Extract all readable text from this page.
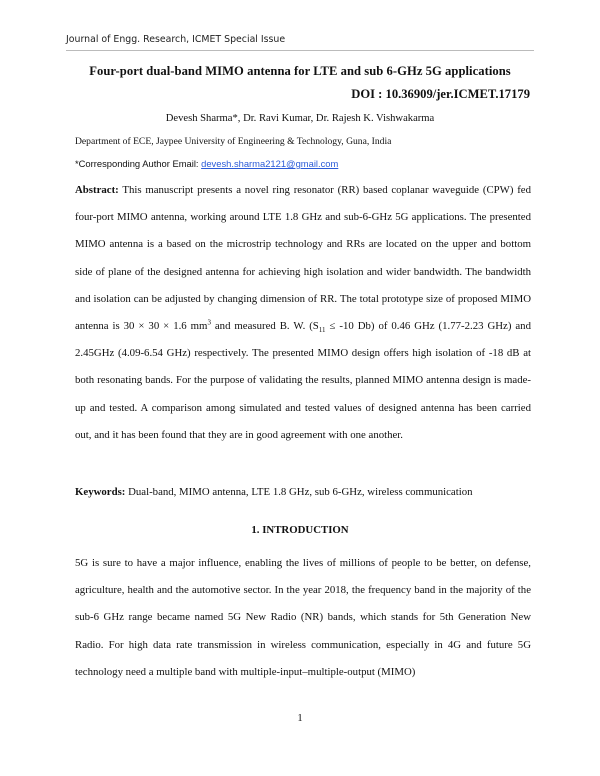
Journal of Engg. Research, ICMET Special Issue
Four-port dual-band MIMO antenna for LTE and sub 6-GHz 5G applications
DOI : 10.36909/jer.ICMET.17179
Devesh Sharma*, Dr. Ravi Kumar, Dr. Rajesh K. Vishwakarma
Department of ECE, Jaypee University of Engineering & Technology, Guna, India
*Corresponding Author Email: devesh.sharma2121@gmail.com
Abstract: This manuscript presents a novel ring resonator (RR) based coplanar waveguide (CPW) fed four-port MIMO antenna, working around LTE 1.8 GHz and sub-6-GHz 5G applications. The presented MIMO antenna is a based on the microstrip technology and RRs are located on the upper and bottom side of plane of the designed antenna for achieving high isolation and wider bandwidth. The bandwidth and isolation can be adjusted by changing dimension of RR. The total prototype size of proposed MIMO antenna is 30 × 30 × 1.6 $mm^3$ and measured B. W. ($S_{11} \le -10$ Db) of 0.46 GHz (1.77-2.23 GHz) and 2.45GHz (4.09-6.54 GHz) respectively. The presented MIMO design offers high isolation of -18 dB at both resonating bands. For the purpose of validating the results, planned MIMO antenna design is made-up and tested. A comparison among simulated and tested values of designed antenna has been carried out, and it has been found that they are in good agreement with one another.
Keywords: Dual-band, MIMO antenna, LTE 1.8 GHz, sub 6-GHz, wireless communication
1. INTRODUCTION
5G is sure to have a major influence, enabling the lives of millions of people to be better, on defense, agriculture, health and the automotive sector. In the year 2018, the frequency band in the majority of the sub-6 GHz range became named 5G New Radio (NR) bands, which stands for 5th Generation New Radio. For high data rate transmission in wireless communication, especially in 4G and future 5G technology need a multiple band with multiple-input–multiple-output (MIMO)
1
